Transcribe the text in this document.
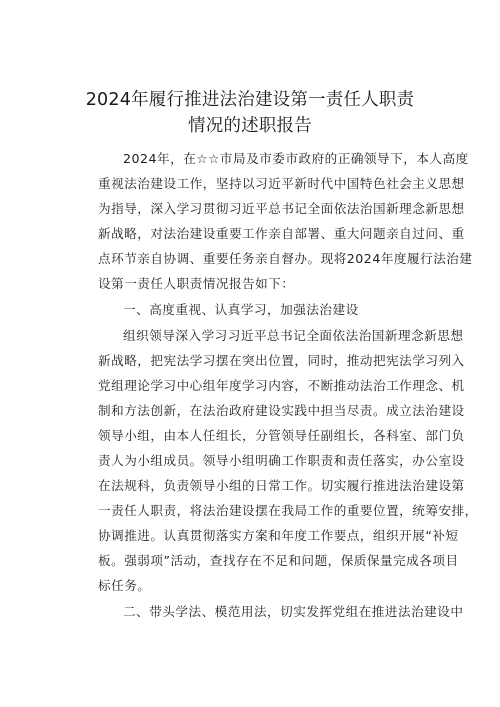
2024年履行推进法治建设第一责任人职责
情况的述职报告
2024年，在☆☆市局及市委市政府的正确领导下，本人高度
重视法治建设工作，坚持以习近平新时代中国特色社会主义思想
为指导，深入学习贯彻习近平总书记全面依法治国新理念新思想
新战略，对法治建设重要工作亲自部署、重大问题亲自过问、重
点环节亲自协调、重要任务亲自督办。现将2024年度履行法治建
设第一责任人职责情况报告如下：
一、高度重视、认真学习，加强法治建设
组织领导深入学习习近平总书记全面依法治国新理念新思想
新战略，把宪法学习摆在突出位置，同时，推动把宪法学习列入
党组理论学习中心组年度学习内容，不断推动法治工作理念、机
制和方法创新，在法治政府建设实践中担当尽责。成立法治建设
领导小组，由本人任组长，分管领导任副组长，各科室、部门负
责人为小组成员。领导小组明确工作职责和责任落实，办公室设
在法规科，负责领导小组的日常工作。切实履行推进法治建设第
一责任人职责，将法治建设摆在我局工作的重要位置，统筹安排，
协调推进。认真贯彻落实方案和年度工作要点，组织开展“补短
板。强弱项”活动，查找存在不足和问题，保质保量完成各项目
标任务。
二、带头学法、模范用法，切实发挥党组在推进法治建设中
